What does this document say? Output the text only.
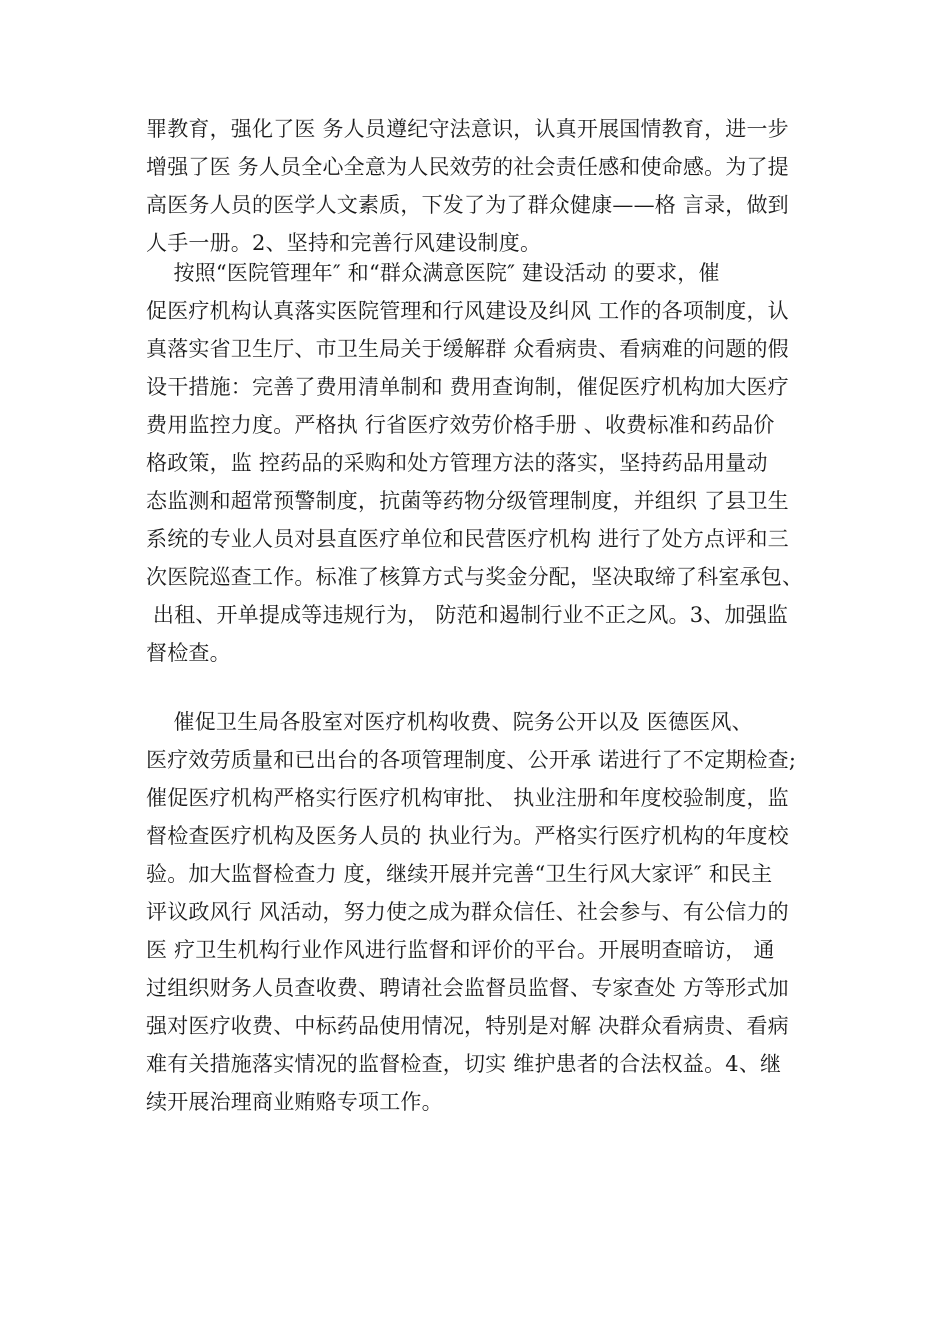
罪教育，强化了医 务人员遵纪守法意识，认真开展国情教育，进一步
增强了医 务人员全心全意为人民效劳的社会责任感和使命感。为了提
高医务人员的医学人文素质，下发了为了群众健康——格 言录，做到
人手一册。2、坚持和完善行风建设制度。
按照“医院管理年″ 和“群众满意医院″ 建设活动 的要求，催
促医疗机构认真落实医院管理和行风建设及纠风 工作的各项制度，认
真落实省卫生厅、市卫生局关于缓解群 众看病贵、看病难的问题的假
设干措施：完善了费用清单制和 费用查询制，催促医疗机构加大医疗
费用监控力度。严格执 行省医疗效劳价格手册 、收费标准和药品价
格政策，监 控药品的采购和处方管理方法的落实，坚持药品用量动
态监测和超常预警制度，抗菌等药物分级管理制度，并组织 了县卫生
系统的专业人员对县直医疗单位和民营医疗机构 进行了处方点评和三
次医院巡查工作。标准了核算方式与奖金分配，坚决取缔了科室承包、
出租、开单提成等违规行为， 防范和遏制行业不正之风。3、加强监
督检查。
催促卫生局各股室对医疗机构收费、院务公开以及 医德医风、
医疗效劳质量和已出台的各项管理制度、公开承 诺进行了不定期检查;
催促医疗机构严格实行医疗机构审批、 执业注册和年度校验制度，监
督检查医疗机构及医务人员的 执业行为。严格实行医疗机构的年度校
验。加大监督检查力 度，继续开展并完善“卫生行风大家评″ 和民主
评议政风行 风活动，努力使之成为群众信任、社会参与、有公信力的
医 疗卫生机构行业作风进行监督和评价的平台。开展明查暗访， 通
过组织财务人员查收费、聘请社会监督员监督、专家查处 方等形式加
强对医疗收费、中标药品使用情况，特别是对解 决群众看病贵、看病
难有关措施落实情况的监督检查，切实 维护患者的合法权益。4、继
续开展治理商业贿赂专项工作。
